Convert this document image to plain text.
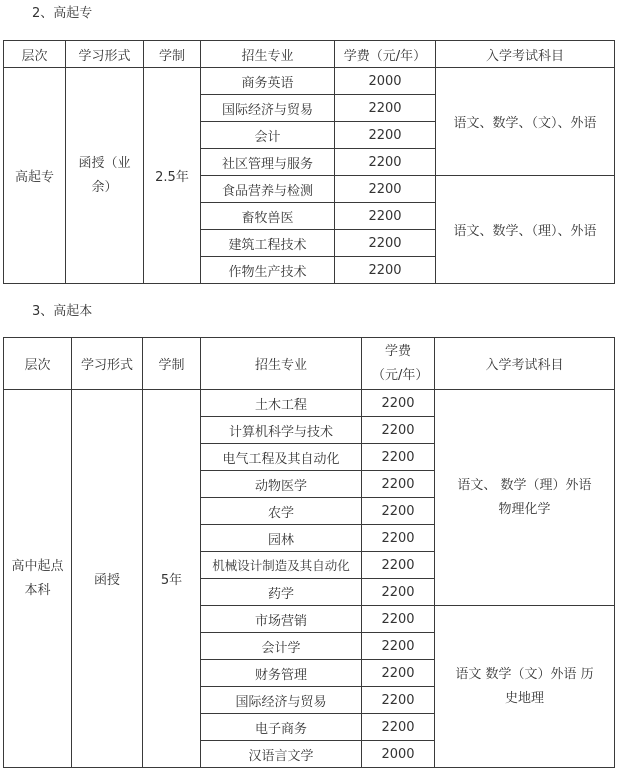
2、高起专
层次	学习形式	学制	招生专业	学费（元/年）	入学考试科目
高起专	函授（业余）	2.5年	商务英语	2000	语文、数学、（文）、外语
			国际经济与贸易	2200	
			会计	2200	
			社区管理与服务	2200	
			食品营养与检测	2200	语文、数学、（理）、外语
			畜牧兽医	2200	
			建筑工程技术	2200	
			作物生产技术	2200	
3、高起本
层次	学习形式	学制	招生专业	学费（元/年）	入学考试科目
高中起点本科	函授	5年	土木工程	2200	语文、 数学（理）外语 物理化学
			计算机科学与技术	2200	
			电气工程及其自动化	2200	
			动物医学	2200	
			农学	2200	
			园林	2200	
			机械设计制造及其自动化	2200	
			药学	2200	
			市场营销	2200	语文 数学（文）外语 历史地理
			会计学	2200	
			财务管理	2200	
			国际经济与贸易	2200	
			电子商务	2200	
			汉语言文学	2000	
